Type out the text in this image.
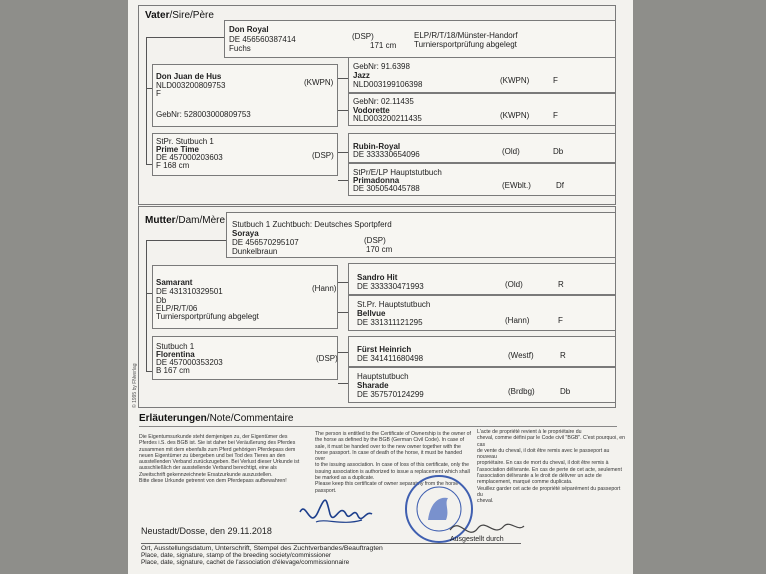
Vater/Sire/Père
Don Royal
DE 456560387414
Fuchs
(DSP)
171 cm
ELP/R/T/18/Münster-Handorf
Turniersportprüfung abgelegt
Don Juan de Hus
NLD003200809753
F
(KWPN)
GebNr: 528003000809753
GebNr: 91.6398
Jazz
NLD003199106398	(KWPN)	F
GebNr: 02.11435
Vodorette
NLD003200211435	(KWPN)	F
StPr. Stutbuch 1
Prime Time
DE 457000203603
F 168 cm
(DSP)
Rubin-Royal
DE 333330654096	(Old)	Db
StPr/E/LP Hauptstutbuch
Primadonna
DE 305054045788	(EWblt.)	Df
Mutter/Dam/Mère Stutbuch 1 Zuchtbuch: Deutsches Sportpferd
Soraya
DE 456570295107
Dunkelbraun
(DSP)
170 cm
Samarant
DE 431310329501
Db
ELP/R/T/06
Turniersportprüfung abgelegt
(Hann)
Sandro Hit
DE 333330471993	(Old)	R
St.Pr. Hauptstutbuch
Bellvue
DE 331311121295	(Hann)	F
Stutbuch 1
Florentina
DE 457000353203
B 167 cm
(DSP)
Fürst Heinrich
DE 341411680498	(Westf)	R
Hauptstutbuch
Sharade
DE 357570124299	(Brdbg)	Db
© 1995 by FNverlag
Erläuterungen/Note/Commentaire
Die Eigentumsurkunde steht demjenigen zu, der Eigentümer des
Pferdes i.S. des BGB ist. Sie ist daher bei Veräußerung des Pferdes
zusammen mit dem ebenfalls zum Pferd gehörigen Pferdepass dem
neuen Eigentümer zu übergeben und bei Tod des Tieres an den
ausstellenden Verband zurückzugeben. Bei Verlust dieser Urkunde ist
ausschließlich der ausstellende Verband berechtigt, eine als
Zweitschrift gekennzeichnete Ersatzurkunde auszustellen.
Bitte diese Urkunde getrennt von dem Pferdepass aufbewahren!
The person is entitled to the Certificate of Ownership is the owner of
the horse as defined by the BGB (German Civil Code). In case of
sale, it must be handed over to the new owner together with the
horse passport. In case of death of the horse, it must be handed over
to the issuing association. In case of loss of this certificate, only the
issuing association is authorized to issue a replacement which shall
be marked as a duplicate.
Please keep this certificate of owner separately from the horse
passport.
L'acte de propriété revient à le propriétaire du
cheval, comme défini par le Code civil "BGB". C'est pourquoi, en cas
de vente du cheval, il doit être remis avec le passeport au nouveau
propriétaire. En cas de mort du cheval, il doit être remis à
l'association délivrante. En cas de perte de cet acte, seulement
l'association délivrante a le droit de délivrer un acte de
remplacement, marqué comme duplicata.
Veuillez garder cet acte de propriété séparément du passeport du
cheval.
Neustadt/Dosse, den 29.11.2018
Ausgestellt durch
Ort, Ausstellungsdatum, Unterschrift, Stempel des Zuchtverbandes/Beauftragten
Place, date, signature, stamp of the breeding society/commissioner
Place, date, signature, cachet de l'association d'élevage/commissionnaire
